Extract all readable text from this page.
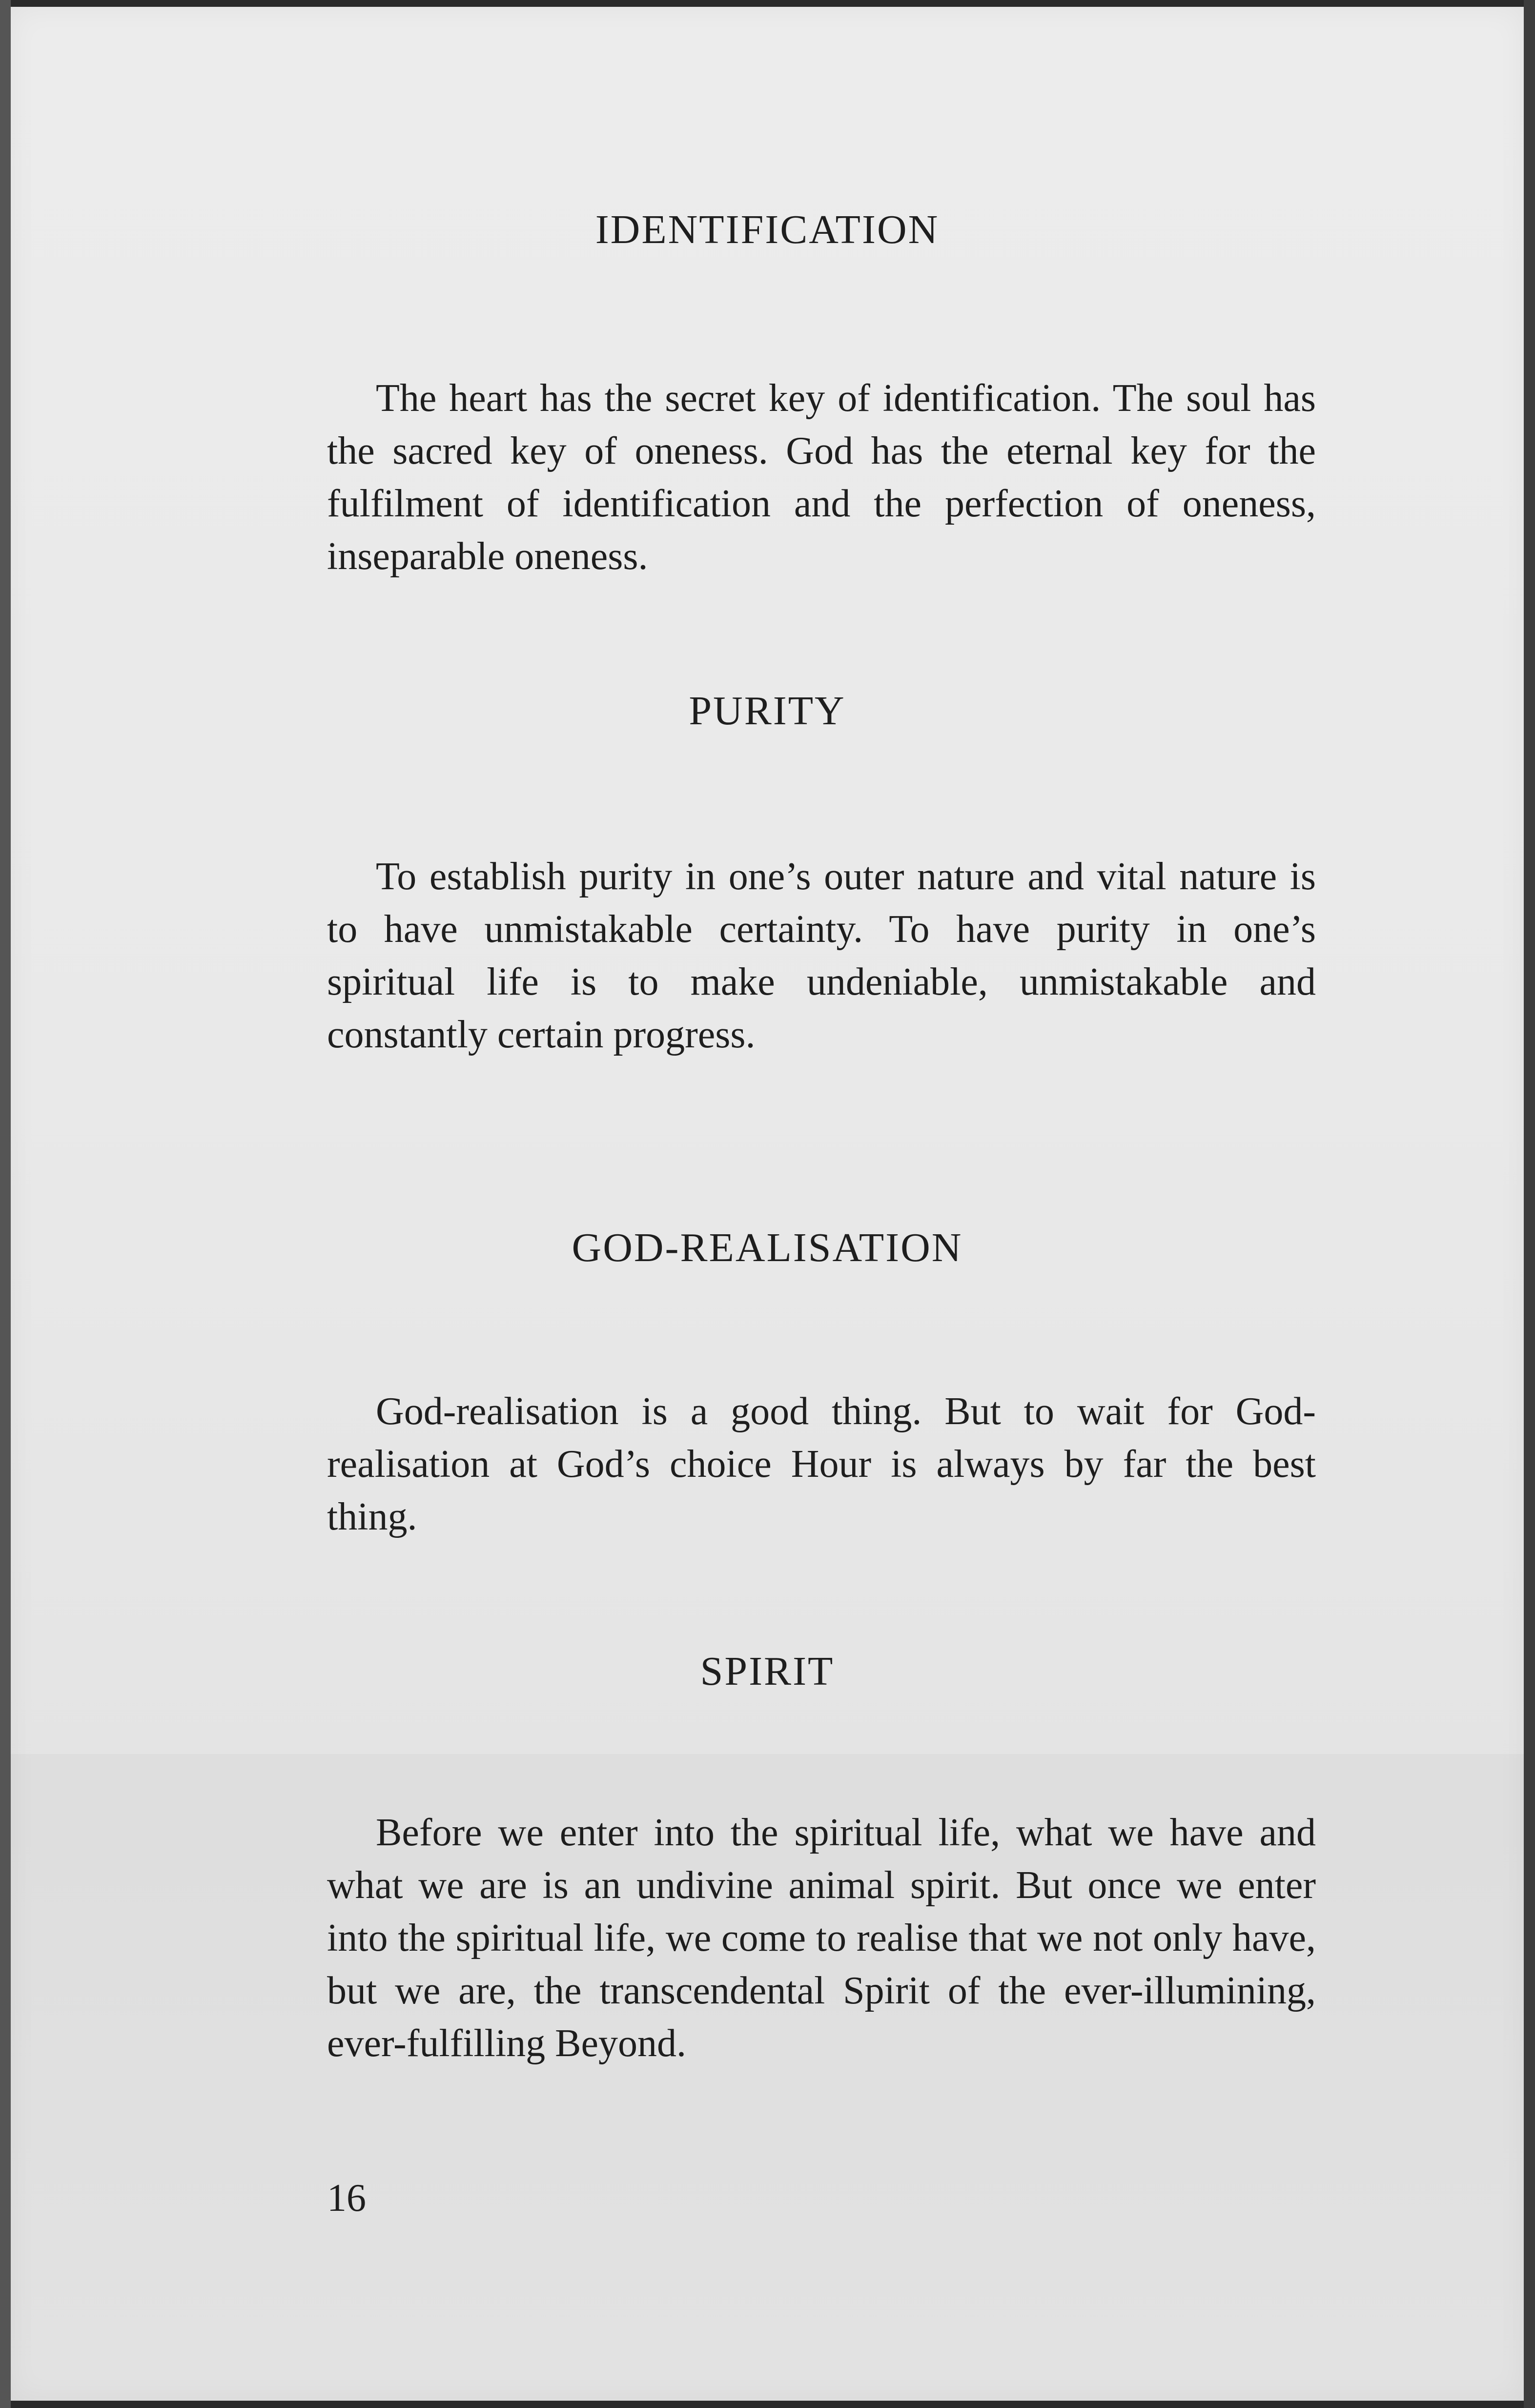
IDENTIFICATION

The heart has the secret key of identification. The soul has the sacred key of oneness. God has the eternal key for the fulfilment of identification and the perfection of oneness, inseparable oneness.

PURITY

To establish purity in one’s outer nature and vital nature is to have unmistakable certainty. To have purity in one’s spiritual life is to make undeniable, unmistakable and constantly certain progress.

GOD-REALISATION

God-realisation is a good thing. But to wait for God-realisation at God’s choice Hour is always by far the best thing.

SPIRIT

Before we enter into the spiritual life, what we have and what we are is an undivine animal spirit. But once we enter into the spiritual life, we come to realise that we not only have, but we are, the transcendental Spirit of the ever-illumining, ever-fulfilling Beyond.

16
